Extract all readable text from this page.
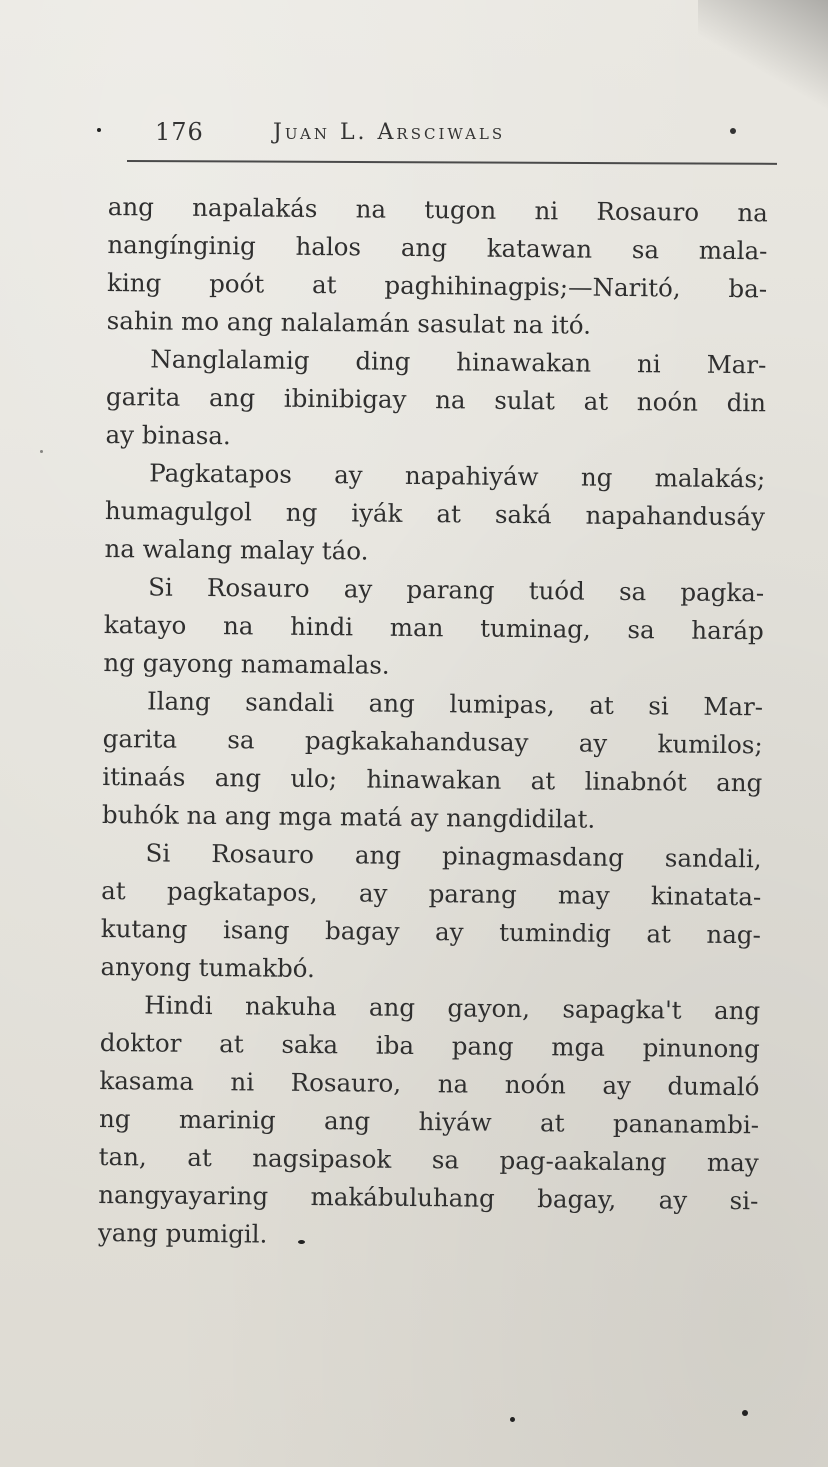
176	Juan L. Arsciwals
ang napalakás na tugon ni Rosauro na
nangínginig halos ang katawan sa mala-
king poót at paghihinagpis;—Naritó, ba-
sahin mo ang nalalamán sasulat na itó.
Nanglalamig ding hinawakan ni Mar-
garita ang ibinibigay na sulat at noón din
ay binasa.
Pagkatapos ay napahiyáw ng malakás;
humagulgol ng iyák at saká napahandusáy
na walang malay táo.
Si Rosauro ay parang tuód sa pagka-
katayo na hindi man tuminag, sa haráp
ng gayong namamalas.
Ilang sandali ang lumipas, at si Mar-
garita sa pagkakahandusay ay kumilos;
itinaás ang ulo; hinawakan at linabnót ang
buhók na ang mga matá ay nangdidilat.
Si Rosauro ang pinagmasdang sandali,
at pagkatapos, ay parang may kinatata-
kutang isang bagay ay tumindig at nag-
anyong tumakbó.
Hindi nakuha ang gayon, sapagka't ang
doktor at saka iba pang mga pinunong
kasama ni Rosauro, na noón ay dumaló
ng marinig ang hiyáw at pananambi-
tan, at nagsipasok sa pag-aakalang may
nangyayaring makábuluhang bagay, ay si-
yang pumigil.
